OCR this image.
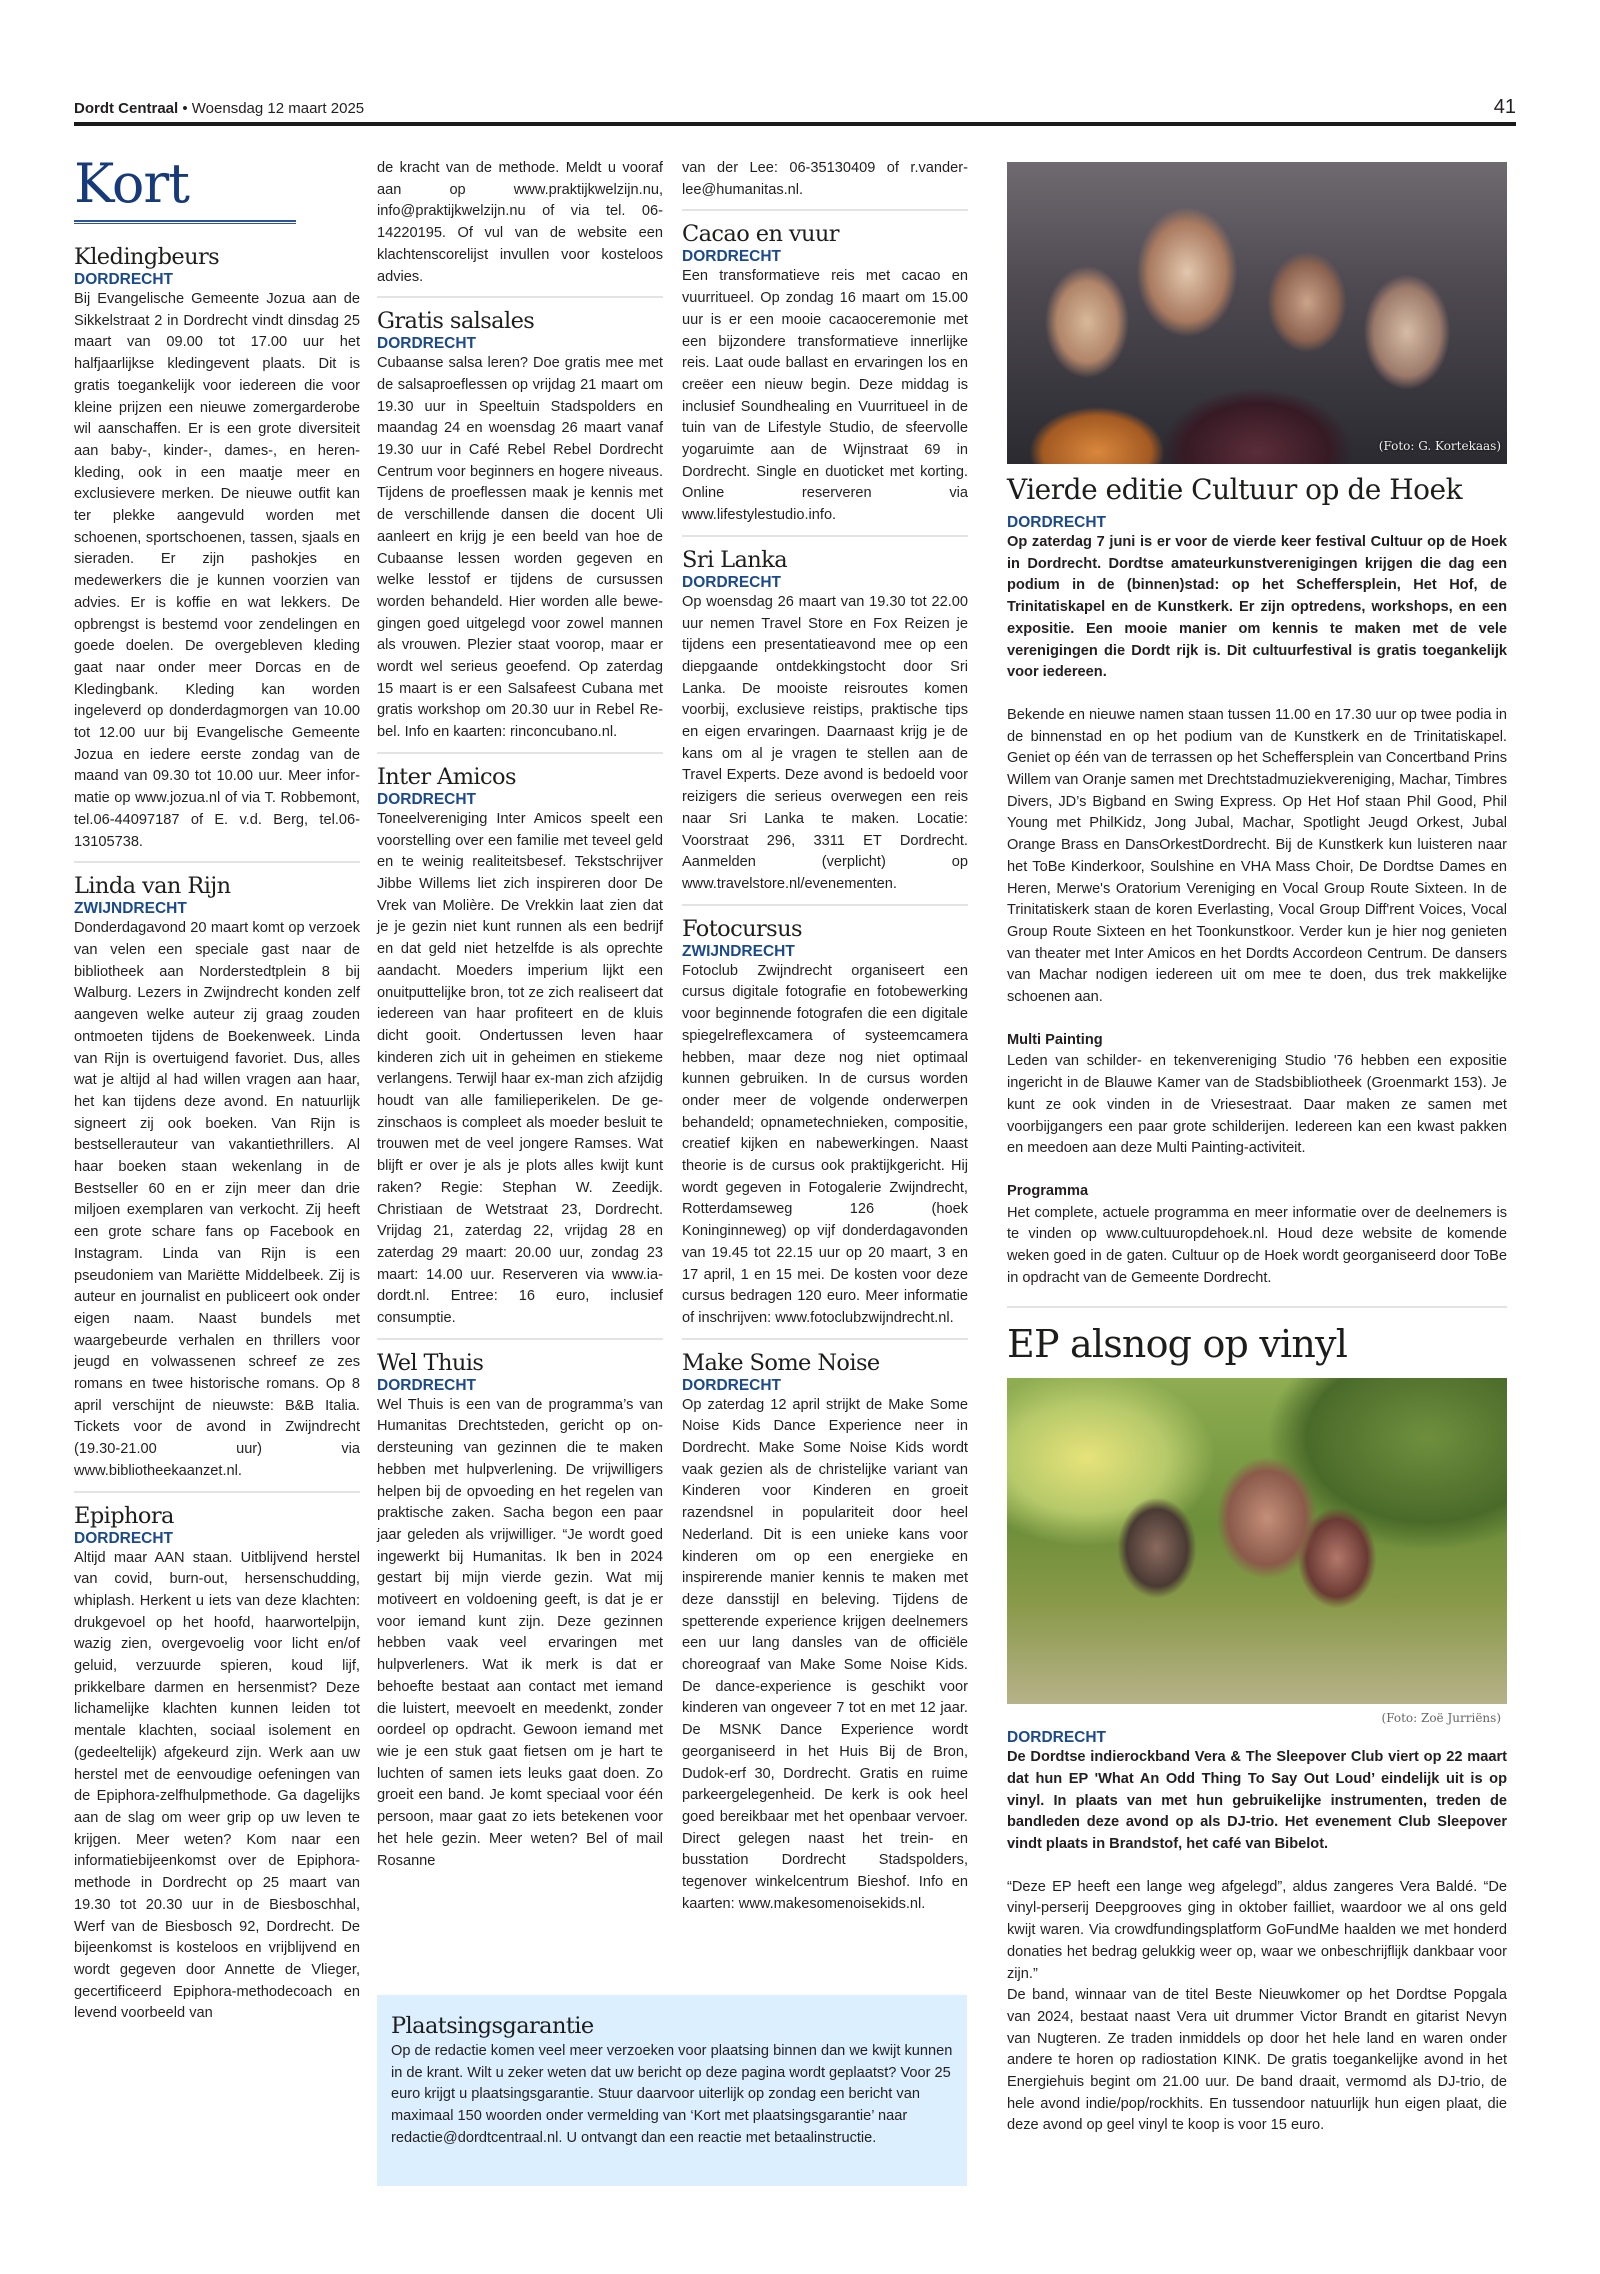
Dordt Centraal • Woensdag 12 maart 2025	41
Kort
Kledingbeurs
DORDRECHT
Bij Evangelische Gemeente Jozua aan de Sikkelstraat 2 in Dordrecht vindt dinsdag 25 maart van 09.00 tot 17.00 uur het halfjaarlijkse kledingevent plaats. Dit is gratis toegankelijk voor iedereen die voor kleine prijzen een nieuwe zomergarderobe wil aanschaffen. Er is een grote diversiteit aan baby-, kinder-, dames-, en herenkleding, ook in een maatje meer en exclusievere merken. De nieuwe outfit kan ter plekke aangevuld worden met schoenen, sportschoenen, tassen, sjaals en sieraden. Er zijn pashokjes en medewerkers die je kunnen voorzien van advies. Er is koffie en wat lekkers. De opbrengst is bestemd voor zendelingen en goede doelen. De overgebleven kleding gaat naar onder meer Dorcas en de Kledingbank. Kleding kan worden ingeleverd op donderdagmorgen van 10.00 tot 12.00 uur bij Evangelische Gemeente Jozua en iedere eerste zondag van de maand van 09.30 tot 10.00 uur. Meer informatie op www.jozua.nl of via T. Robbemont, tel.06-44097187 of E. v.d. Berg, tel.06-13105738.
Linda van Rijn
ZWIJNDRECHT
Donderdagavond 20 maart komt op verzoek van velen een speciale gast naar de bibliotheek aan Norderstedtplein 8 bij Walburg. Lezers in Zwijndrecht konden zelf aangeven welke auteur zij graag zouden ontmoeten tijdens de Boekenweek. Linda van Rijn is overtuigend favoriet. Dus, alles wat je altijd al had willen vragen aan haar, het kan tijdens deze avond. En natuurlijk signeert zij ook boeken. Van Rijn is bestsellerauteur van vakantiethrillers. Al haar boeken staan wekenlang in de Bestseller 60 en er zijn meer dan drie miljoen exemplaren van verkocht. Zij heeft een grote schare fans op Facebook en Instagram. Linda van Rijn is een pseudoniem van Mariëtte Middelbeek. Zij is auteur en journalist en publiceert ook onder eigen naam. Naast bundels met waargebeurde verhalen en thrillers voor jeugd en volwassenen schreef ze zes romans en twee historische romans. Op 8 april verschijnt de nieuwste: B&B Italia. Tickets voor de avond in Zwijndrecht (19.30-21.00 uur) via www.bibliotheekaanzet.nl.
Epiphora
DORDRECHT
Altijd maar AAN staan. Uitblijvend herstel van covid, burn-out, hersenschudding, whiplash. Herkent u iets van deze klachten: drukgevoel op het hoofd, haarwortelpijn, wazig zien, overgevoelig voor licht en/of geluid, verzuurde spieren, koud lijf, prikkelbare darmen en hersenmist? Deze lichamelijke klachten kunnen leiden tot mentale klachten, sociaal isolement en (gedeeltelijk) afgekeurd zijn. Werk aan uw herstel met de eenvoudige oefeningen van de Epiphora-zelfhulpmethode. Ga dagelijks aan de slag om weer grip op uw leven te krijgen. Meer weten? Kom naar een informatiebijeenkomst over de Epiphora-methode in Dordrecht op 25 maart van 19.30 tot 20.30 uur in de Biesboschhal, Werf van de Biesbosch 92, Dordrecht. De bijeenkomst is kosteloos en vrijblijvend en wordt gegeven door Annette de Vlieger, gecertificeerd Epiphora-methodecoach en levend voorbeeld van
de kracht van de methode. Meldt u vooraf aan op www.praktijkwelzijn.nu, info@praktijkwelzijn.nu of via tel. 06-14220195. Of vul van de website een klachtenscorelijst invullen voor kosteloos advies.
Gratis salsales
DORDRECHT
Cubaanse salsa leren? Doe gratis mee met de salsaproeflessen op vrijdag 21 maart om 19.30 uur in Speeltuin Stadspolders en maandag 24 en woensdag 26 maart vanaf 19.30 uur in Café Rebel Rebel Dordrecht Centrum voor beginners en hogere niveaus. Tijdens de proeflessen maak je kennis met de verschillende dansen die docent Uli aanleert en krijg je een beeld van hoe de Cubaanse lessen worden gegeven en welke lesstof er tijdens de cursussen worden behandeld. Hier worden alle bewegingen goed uitgelegd voor zowel mannen als vrouwen. Plezier staat voorop, maar er wordt wel serieus geoefend. Op zaterdag 15 maart is er een Salsafeest Cubana met gratis workshop om 20.30 uur in Rebel Rebel. Info en kaarten: rinconcubano.nl.
Inter Amicos
DORDRECHT
Toneelvereniging Inter Amicos speelt een voorstelling over een familie met teveel geld en te weinig realiteitsbesef. Tekstschrijver Jibbe Willems liet zich inspireren door De Vrek van Molière. De Vrekkin laat zien dat je je gezin niet kunt runnen als een bedrijf en dat geld niet hetzelfde is als oprechte aandacht. Moeders imperium lijkt een onuitputtelijke bron, tot ze zich realiseert dat iedereen van haar profiteert en de kluis dicht gooit. Ondertussen leven haar kinderen zich uit in geheimen en stiekeme verlangens. Terwijl haar ex-man zich afzijdig houdt van alle familieperikelen. De gezinschaos is compleet als moeder besluit te trouwen met de veel jongere Ramses. Wat blijft er over je als je plots alles kwijt kunt raken? Regie: Stephan W. Zeedijk. Christiaan de Wetstraat 23, Dordrecht. Vrijdag 21, zaterdag 22, vrijdag 28 en zaterdag 29 maart: 20.00 uur, zondag 23 maart: 14.00 uur. Reserveren via www.ia-dordt.nl. Entree: 16 euro, inclusief consumptie.
Wel Thuis
DORDRECHT
Wel Thuis is een van de programma’s van Humanitas Drechtsteden, gericht op ondersteuning van gezinnen die te maken hebben met hulpverlening. De vrijwilligers helpen bij de opvoeding en het regelen van praktische zaken. Sacha begon een paar jaar geleden als vrijwilliger. “Je wordt goed ingewerkt bij Humanitas. Ik ben in 2024 gestart bij mijn vierde gezin. Wat mij motiveert en voldoening geeft, is dat je er voor iemand kunt zijn. Deze gezinnen hebben vaak veel ervaringen met hulpverleners. Wat ik merk is dat er behoefte bestaat aan contact met iemand die luistert, meevoelt en meedenkt, zonder oordeel op opdracht. Gewoon iemand met wie je een stuk gaat fietsen om je hart te luchten of samen iets leuks gaat doen. Zo groeit een band. Je komt speciaal voor één persoon, maar gaat zo iets betekenen voor het hele gezin. Meer weten? Bel of mail Rosanne
van der Lee: 06-35130409 of r.vanderlee@humanitas.nl.
Cacao en vuur
DORDRECHT
Een transformatieve reis met cacao en vuurritueel. Op zondag 16 maart om 15.00 uur is er een mooie cacaoceremonie met een bijzondere transformatieve innerlijke reis. Laat oude ballast en ervaringen los en creëer een nieuw begin. Deze middag is inclusief Soundhealing en Vuurritueel in de tuin van de Lifestyle Studio, de sfeervolle yogaruimte aan de Wijnstraat 69 in Dordrecht. Single en duoticket met korting. Online reserveren via www.lifestylestudio.info.
Sri Lanka
DORDRECHT
Op woensdag 26 maart van 19.30 tot 22.00 uur nemen Travel Store en Fox Reizen je tijdens een presentatieavond mee op een diepgaande ontdekkingstocht door Sri Lanka. De mooiste reisroutes komen voorbij, exclusieve reistips, praktische tips en eigen ervaringen. Daarnaast krijg je de kans om al je vragen te stellen aan de Travel Experts. Deze avond is bedoeld voor reizigers die serieus overwegen een reis naar Sri Lanka te maken. Locatie: Voorstraat 296, 3311 ET Dordrecht. Aanmelden (verplicht) op www.travelstore.nl/evenementen.
Fotocursus
ZWIJNDRECHT
Fotoclub Zwijndrecht organiseert een cursus digitale fotografie en fotobewerking voor beginnende fotografen die een digitale spiegelreflexcamera of systeemcamera hebben, maar deze nog niet optimaal kunnen gebruiken. In de cursus worden onder meer de volgende onderwerpen behandeld; opnametechnieken, compositie, creatief kijken en nabewerkingen. Naast theorie is de cursus ook praktijkgericht. Hij wordt gegeven in Fotogalerie Zwijndrecht, Rotterdamseweg 126 (hoek Koninginneweg) op vijf donderdagavonden van 19.45 tot 22.15 uur op 20 maart, 3 en 17 april, 1 en 15 mei. De kosten voor deze cursus bedragen 120 euro. Meer informatie of inschrijven: www.fotoclubzwijndrecht.nl.
Make Some Noise
DORDRECHT
Op zaterdag 12 april strijkt de Make Some Noise Kids Dance Experience neer in Dordrecht. Make Some Noise Kids wordt vaak gezien als de christelijke variant van Kinderen voor Kinderen en groeit razendsnel in populariteit door heel Nederland. Dit is een unieke kans voor kinderen om op een energieke en inspirerende manier kennis te maken met deze dansstijl en beleving. Tijdens de spetterende experience krijgen deelnemers een uur lang dansles van de officiële choreograaf van Make Some Noise Kids. De dance-experience is geschikt voor kinderen van ongeveer 7 tot en met 12 jaar. De MSNK Dance Experience wordt georganiseerd in het Huis Bij de Bron, Dudok-erf 30, Dordrecht. Gratis en ruime parkeergelegenheid. De kerk is ook heel goed bereikbaar met het openbaar vervoer. Direct gelegen naast het trein- en busstation Dordrecht Stadspolders, tegenover winkelcentrum Bieshof. Info en kaarten: www.makesomenoisekids.nl.
Plaatsingsgarantie
Op de redactie komen veel meer verzoeken voor plaatsing binnen dan we kwijt kunnen in de krant. Wilt u zeker weten dat uw bericht op deze pagina wordt geplaatst? Voor 25 euro krijgt u plaatsingsgarantie. Stuur daarvoor uiterlijk op zondag een bericht van maximaal 150 woorden onder vermelding van ‘Kort met plaatsingsgarantie’ naar redactie@dordtcentraal.nl. U ontvangt dan een reactie met betaalinstructie.
(Foto: G. Kortekaas)
Vierde editie Cultuur op de Hoek
DORDRECHT
Op zaterdag 7 juni is er voor de vierde keer festival Cultuur op de Hoek in Dordrecht. Dordtse amateurkunstverenigingen krijgen die dag een podium in de (binnen)stad: op het Scheffersplein, Het Hof, de Trinitatiskapel en de Kunstkerk. Er zijn optredens, workshops, en een expositie. Een mooie manier om kennis te maken met de vele verenigingen die Dordt rijk is. Dit cultuurfestival is gratis toegankelijk voor iedereen.
Bekende en nieuwe namen staan tussen 11.00 en 17.30 uur op twee podia in de binnenstad en op het podium van de Kunstkerk en de Trinitatiskapel. Geniet op één van de terrassen op het Scheffersplein van Concertband Prins Willem van Oranje samen met Drechtstadmuziekvereniging, Machar, Timbres Divers, JD’s Bigband en Swing Express. Op Het Hof staan Phil Good, Phil Young met PhilKidz, Jong Jubal, Machar, Spotlight Jeugd Orkest, Jubal Orange Brass en DansOrkestDordrecht. Bij de Kunstkerk kun luisteren naar het ToBe Kinderkoor, Soulshine en VHA Mass Choir, De Dordtse Dames en Heren, Merwe's Oratorium Vereniging en Vocal Group Route Sixteen. In de Trinitatiskerk staan de koren Everlasting, Vocal Group Diff'rent Voices, Vocal Group Route Sixteen en het Toonkunstkoor. Verder kun je hier nog genieten van theater met Inter Amicos en het Dordts Accordeon Centrum. De dansers van Machar nodigen iedereen uit om mee te doen, dus trek makkelijke schoenen aan.
Multi Painting
Leden van schilder- en tekenvereniging Studio '76 hebben een expositie ingericht in de Blauwe Kamer van de Stadsbibliotheek (Groenmarkt 153). Je kunt ze ook vinden in de Vriesestraat. Daar maken ze samen met voorbijgangers een paar grote schilderijen. Iedereen kan een kwast pakken en meedoen aan deze Multi Painting-activiteit.
Programma
Het complete, actuele programma en meer informatie over de deelnemers is te vinden op www.cultuuropdehoek.nl. Houd deze website de komende weken goed in de gaten. Cultuur op de Hoek wordt georganiseerd door ToBe in opdracht van de Gemeente Dordrecht.
EP alsnog op vinyl
(Foto: Zoë Jurriëns)
DORDRECHT
De Dordtse indierockband Vera & The Sleepover Club viert op 22 maart dat hun EP 'What An Odd Thing To Say Out Loud’ eindelijk uit is op vinyl. In plaats van met hun gebruikelijke instrumenten, treden de bandleden deze avond op als DJ-trio. Het evenement Club Sleepover vindt plaats in Brandstof, het café van Bibelot.
“Deze EP heeft een lange weg afgelegd”, aldus zangeres Vera Baldé. “De vinyl-perserij Deepgrooves ging in oktober failliet, waardoor we al ons geld kwijt waren. Via crowdfundingsplatform GoFundMe haalden we met honderd donaties het bedrag gelukkig weer op, waar we onbeschrijflijk dankbaar voor zijn.”
De band, winnaar van de titel Beste Nieuwkomer op het Dordtse Popgala van 2024, bestaat naast Vera uit drummer Victor Brandt en gitarist Nevyn van Nugteren. Ze traden inmiddels op door het hele land en waren onder andere te horen op radiostation KINK. De gratis toegankelijke avond in het Energiehuis begint om 21.00 uur. De band draait, vermomd als DJ-trio, de hele avond indie/pop/rockhits. En tussendoor natuurlijk hun eigen plaat, die deze avond op geel vinyl te koop is voor 15 euro.
